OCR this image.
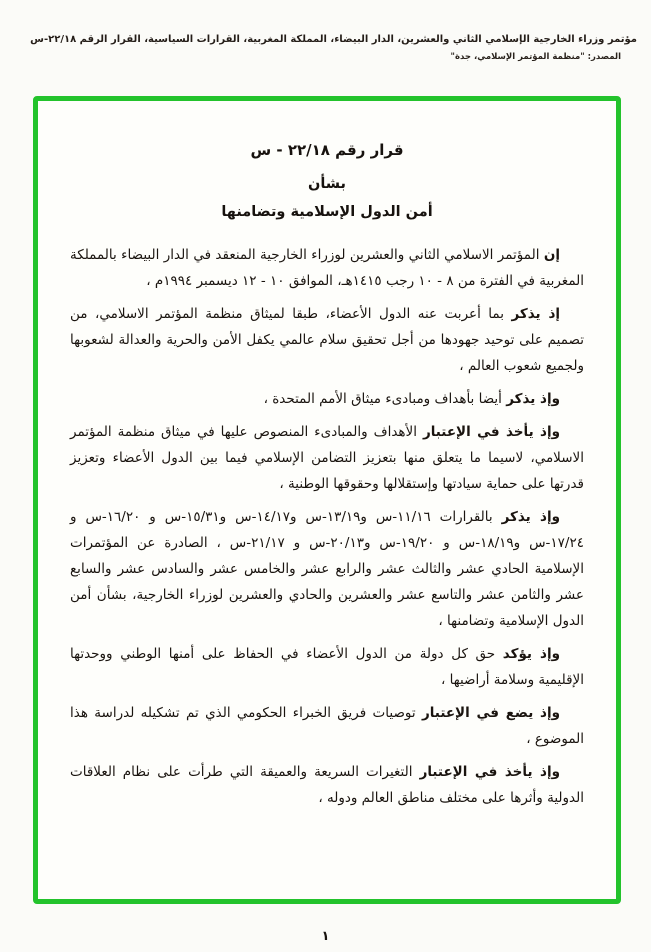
مؤتمر وزراء الخارجية الإسلامي الثاني والعشرين، الدار البيضاء، المملكة المغربية، القرارات السياسية، القرار الرقم ٢٢/١٨-س
المصدر: "منظمة المؤتمر الإسلامي، جدة"
قرار رقم ٢٢/١٨ - س
بشأن
أمن الدول الإسلامية وتضامنها

إن المؤتمر الاسلامي الثاني والعشرين لوزراء الخارجية المنعقد في الدار البيضاء بالمملكة المغربية في الفترة من ٨ - ١٠ رجب ١٤١٥هـ، الموافق ١٠ - ١٢ ديسمبر ١٩٩٤م ،

إذ يذكر بما أعربت عنه الدول الأعضاء، طبقا لميثاق منظمة المؤتمر الاسلامي، من تصميم على توحيد جهودها من أجل تحقيق سلام عالمي يكفل الأمن والحرية والعدالة لشعوبها ولجميع شعوب العالم ،

وإذ يذكر أيضا بأهداف ومبادىء ميثاق الأمم المتحدة ،

وإذ يأخذ في الإعتبار الأهداف والمبادىء المنصوص عليها في ميثاق منظمة المؤتمر الاسلامي، لاسيما ما يتعلق منها بتعزيز التضامن الإسلامي فيما بين الدول الأعضاء وتعزيز قدرتها على حماية سيادتها وإستقلالها وحقوقها الوطنية ،

وإذ يذكر بالقرارات ١١/١٦-س و١٣/١٩-س و١٤/١٧-س و١٥/٣١-س و ١٦/٢٠-س و ١٧/٢٤-س و١٨/١٩-س و ١٩/٢٠-س و٢٠/١٣-س و ٢١/١٧-س ، الصادرة عن المؤتمرات الإسلامية الحادي عشر والثالث عشر والرابع عشر والخامس عشر والسادس عشر والسابع عشر والثامن عشر والتاسع عشر والعشرين والحادي والعشرين لوزراء الخارجية، بشأن أمن الدول الإسلامية وتضامنها ،

وإذ يؤكد حق كل دولة من الدول الأعضاء في الحفاظ على أمنها الوطني ووحدتها الإقليمية وسلامة أراضيها ،

وإذ يضع في الإعتبار توصيات فريق الخبراء الحكومي الذي تم تشكيله لدراسة هذا الموضوع ،

وإذ يأخذ في الإعتبار التغيرات السريعة والعميقة التي طرأت على نظام العلاقات الدولية وأثرها على مختلف مناطق العالم ودوله ،

١
